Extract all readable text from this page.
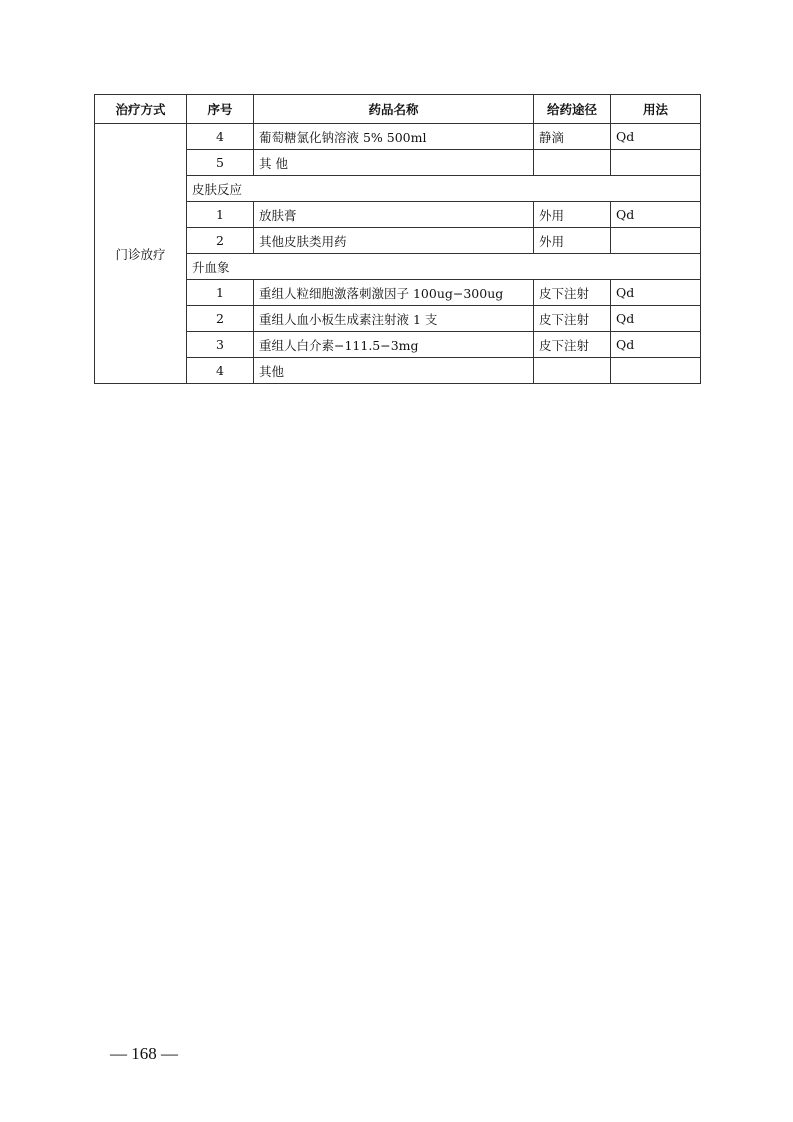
治疗方式	序号	药品名称	给药途径	用法
门诊放疗	4	葡萄糖氯化钠溶液 5% 500ml	静滴	Qd
	5	其 他		
	皮肤反应			
	1	放肤膏	外用	Qd
	2	其他皮肤类用药	外用	
	升血象			
	1	重组人粒细胞激落刺激因子 100ug−300ug	皮下注射	Qd
	2	重组人血小板生成素注射液 1 支	皮下注射	Qd
	3	重组人白介素−111.5−3mg	皮下注射	Qd
	4	其他		
— 168 —
